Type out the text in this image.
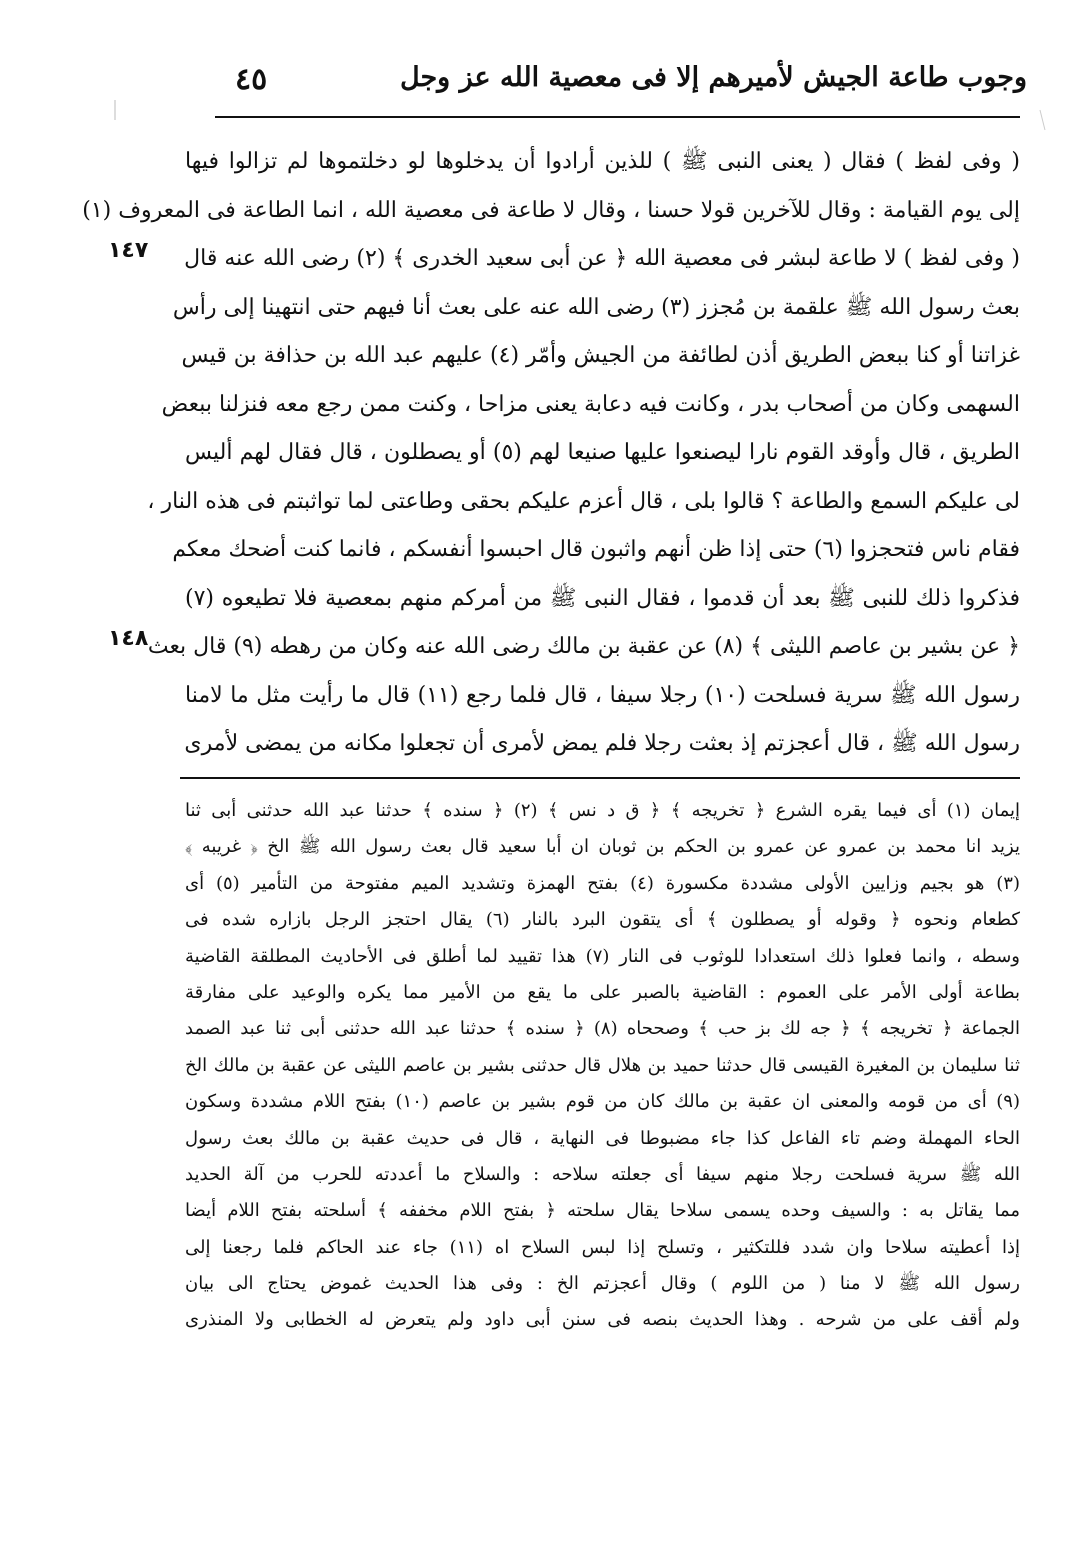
وجوب طاعة الجيش لأميرهم إلا فى معصية الله عز وجل
٤٥
( وفى لفظ ) فقال ( يعنى النبى ﷺ ) للذين أرادوا أن يدخلوها لو دخلتموها لم تزالوا فيها
إلى يوم القيامة : وقال للآخرين قولا حسنا ، وقال لا طاعة فى معصية الله ، انما الطاعة فى المعروف (١)
( وفى لفظ ) لا طاعة لبشر فى معصية الله ﴿ عن أبى سعيد الخدرى ﴾ (٢) رضى الله عنه قال
بعث رسول الله ﷺ علقمة بن مُجزز (٣) رضى الله عنه على بعث أنا فيهم حتى انتهينا إلى رأس
غزاتنا أو كنا ببعض الطريق أذن لطائفة من الجيش وأمّر (٤) عليهم عبد الله بن حذافة بن قيس
السهمى وكان من أصحاب بدر ، وكانت فيه دعابة يعنى مزاحا ، وكنت ممن رجع معه فنزلنا ببعض
الطريق ، قال وأوقد القوم نارا ليصنعوا عليها صنيعا لهم (٥) أو يصطلون ، قال فقال لهم أليس
لى عليكم السمع والطاعة ؟ قالوا بلى ، قال أعزم عليكم بحقى وطاعتى لما تواثبتم فى هذه النار ،
فقام ناس فتحجزوا (٦) حتى إذا ظن أنهم واثبون قال احبسوا أنفسكم ، فانما كنت أضحك معكم
فذكروا ذلك للنبى ﷺ بعد أن قدموا ، فقال النبى ﷺ من أمركم منهم بمعصية فلا تطيعوه (٧)
﴿ عن بشير بن عاصم الليثى ﴾ (٨) عن عقبة بن مالك رضى الله عنه وكان من رهطه (٩) قال بعث
رسول الله ﷺ سرية فسلحت (١٠) رجلا سيفا ، قال فلما رجع (١١) قال ما رأيت مثل ما لامنا
رسول الله ﷺ ، قال أعجزتم إذ بعثت رجلا فلم يمض لأمرى أن تجعلوا مكانه من يمضى لأمرى
١٤٧
١٤٨
إيمان (١) أى فيما يقره الشرع ﴿ تخريجه ﴾ ﴿ ق د نس ﴾ (٢) ﴿ سنده ﴾ حدثنا عبد الله حدثنى أبى ثنا
يزيد انا محمد بن عمرو عن عمرو بن الحكم بن ثوبان ان أبا سعيد قال بعث رسول الله ﷺ الخ ﴿ غريبه ﴾
(٣) هو بجيم وزايين الأولى مشددة مكسورة (٤) بفتح الهمزة وتشديد الميم مفتوحة من التأمير (٥) أى
كطعام ونحوه ﴿ وقوله أو يصطلون ﴾ أى يتقون البرد بالنار (٦) يقال احتجز الرجل بازاره شده فى
وسطه ، وانما فعلوا ذلك استعدادا للوثوب فى النار (٧) هذا تقييد لما أطلق فى الأحاديث المطلقة القاضية
بطاعة أولى الأمر على العموم : القاضية بالصبر على ما يقع من الأمير مما يكره والوعيد على مفارقة
الجماعة ﴿ تخريجه ﴾ ﴿ جه لك بز حب ﴾ وصححاه (٨) ﴿ سنده ﴾ حدثنا عبد الله حدثنى أبى ثنا عبد الصمد
ثنا سليمان بن المغيرة القيسى قال حدثنا حميد بن هلال قال حدثنى بشير بن عاصم الليثى عن عقبة بن مالك الخ
(٩) أى من قومه والمعنى ان عقبة بن مالك كان من قوم بشير بن عاصم (١٠) بفتح اللام مشددة وسكون
الحاء المهملة وضم تاء الفاعل كذا جاء مضبوطا فى النهاية ، قال فى حديث عقبة بن مالك بعث رسول
الله ﷺ سرية فسلحت رجلا منهم سيفا أى جعلته سلاحه : والسلاح ما أعددته للحرب من آلة الحديد
مما يقاتل به : والسيف وحده يسمى سلاحا يقال سلحته ﴿ بفتح اللام مخففه ﴾ أسلحته بفتح اللام أيضا
إذا أعطيته سلاحا وان شدد فللتكثير ، وتسلح إذا لبس السلاح اه (١١) جاء عند الحاكم فلما رجعنا إلى
رسول الله ﷺ لا منا ( من اللوم ) وقال أعجزتم الخ : وفى هذا الحديث غموض يحتاج الى بيان
ولم أقف على من شرحه . وهذا الحديث بنصه فى سنن أبى داود ولم يتعرض له الخطابى ولا المنذرى
